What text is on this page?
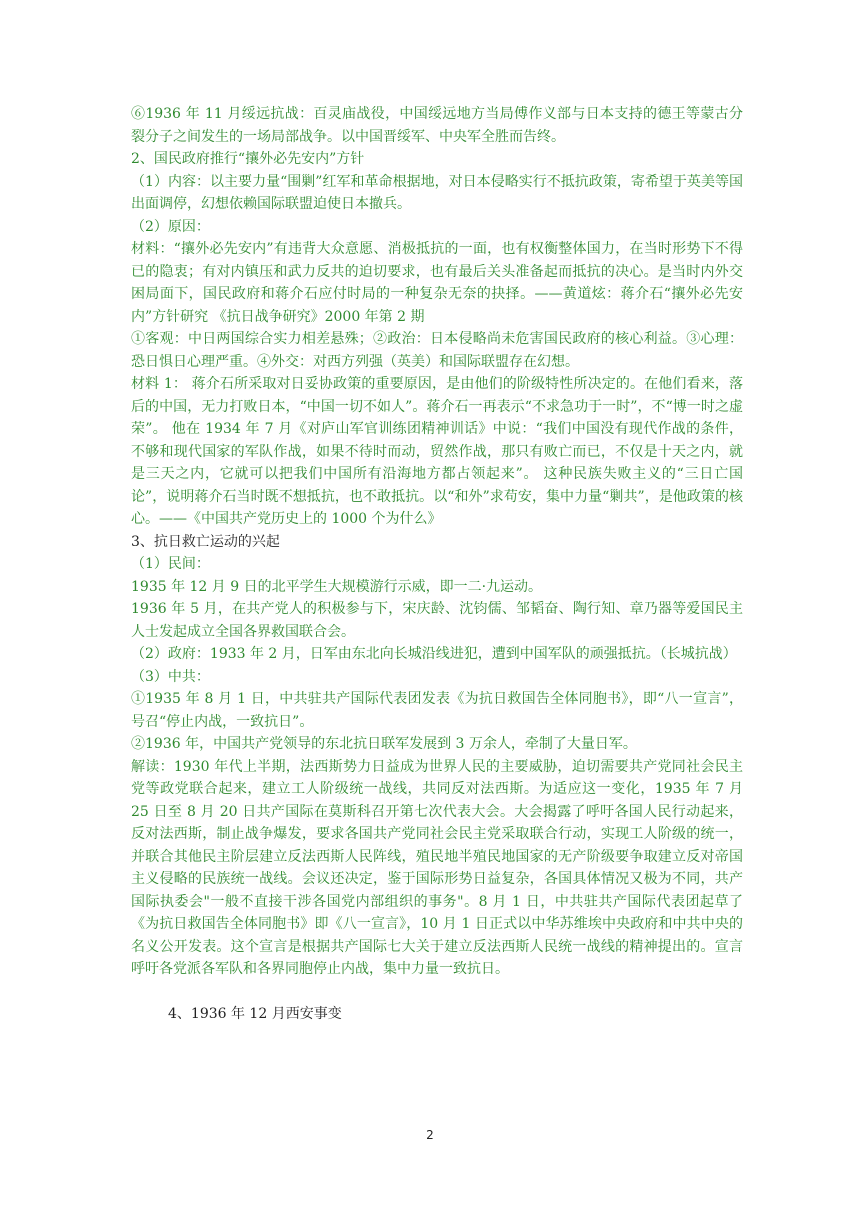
⑥1936 年 11 月绥远抗战：百灵庙战役，中国绥远地方当局傅作义部与日本支持的德王等蒙古分裂分子之间发生的一场局部战争。以中国晋绥军、中央军全胜而告终。

2、国民政府推行“攘外必先安内”方针

（1）内容：以主要力量“围剿”红军和革命根据地，对日本侵略实行不抵抗政策，寄希望于英美等国出面调停，幻想依赖国际联盟迫使日本撤兵。

（2）原因：

材料：“攘外必先安内”有违背大众意愿、消极抵抗的一面，也有权衡整体国力，在当时形势下不得已的隐衷；有对内镇压和武力反共的迫切要求，也有最后关头准备起而抵抗的决心。是当时内外交困局面下，国民政府和蒋介石应付时局的一种复杂无奈的抉择。——黄道炫：蒋介石“攘外必先安内”方针研究 《抗日战争研究》2000 年第 2 期

①客观：中日两国综合实力相差悬殊；②政治：日本侵略尚未危害国民政府的核心利益。③心理：恐日惧日心理严重。④外交：对西方列强（英美）和国际联盟存在幻想。

材料 1： 蒋介石所采取对日妥协政策的重要原因，是由他们的阶级特性所决定的。在他们看来，落后的中国，无力打败日本，“中国一切不如人”。蒋介石一再表示“不求急功于一时”，不“博一时之虚荣”。 他在 1934 年 7 月《对庐山军官训练团精神训话》中说：“我们中国没有现代作战的条件，不够和现代国家的军队作战，如果不待时而动，贸然作战，那只有败亡而已，不仅是十天之内，就是三天之内，它就可以把我们中国所有沿海地方都占领起来”。 这种民族失败主义的“三日亡国论”，说明蒋介石当时既不想抵抗，也不敢抵抗。以“和外”求苟安，集中力量“剿共”，是他政策的核心。——《中国共产党历史上的 1000 个为什么》

3、抗日救亡运动的兴起

（1）民间：

1935 年 12 月 9 日的北平学生大规模游行示威，即一二·九运动。

1936 年 5 月，在共产党人的积极参与下，宋庆龄、沈钧儒、邹韬奋、陶行知、章乃器等爱国民主人士发起成立全国各界救国联合会。

（2）政府：1933 年 2 月，日军由东北向长城沿线进犯，遭到中国军队的顽强抵抗。（长城抗战）

（3）中共：

①1935 年 8 月 1 日，中共驻共产国际代表团发表《为抗日救国告全体同胞书》，即“八一宣言”，号召“停止内战，一致抗日”。

②1936 年，中国共产党领导的东北抗日联军发展到 3 万余人，牵制了大量日军。

解读：1930 年代上半期，法西斯势力日益成为世界人民的主要威胁，迫切需要共产党同社会民主党等政党联合起来，建立工人阶级统一战线，共同反对法西斯。为适应这一变化，1935 年 7 月 25 日至 8 月 20 日共产国际在莫斯科召开第七次代表大会。大会揭露了呼吁各国人民行动起来，反对法西斯，制止战争爆发，要求各国共产党同社会民主党采取联合行动，实现工人阶级的统一，并联合其他民主阶层建立反法西斯人民阵线，殖民地半殖民地国家的无产阶级要争取建立反对帝国主义侵略的民族统一战线。会议还决定，鉴于国际形势日益复杂，各国具体情况又极为不同，共产国际执委会"一般不直接干涉各国党内部组织的事务"。8 月 1 日，中共驻共产国际代表团起草了《为抗日救国告全体同胞书》即《八一宣言》，10 月 1 日正式以中华苏维埃中央政府和中共中央的名义公开发表。这个宣言是根据共产国际七大关于建立反法西斯人民统一战线的精神提出的。宣言呼吁各党派各军队和各界同胞停止内战，集中力量一致抗日。

4、1936 年 12 月西安事变

2
